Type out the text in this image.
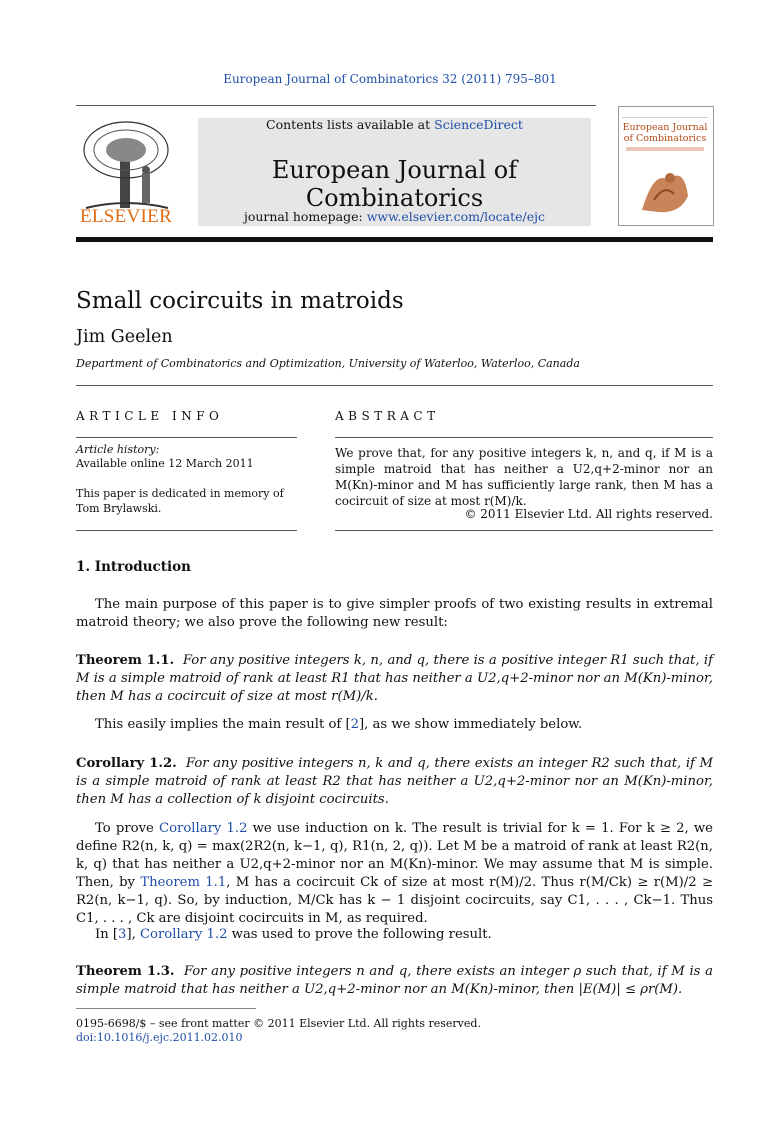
European Journal of Combinatorics 32 (2011) 795–801
ELSEVIER
Contents lists available at ScienceDirect
European Journal of Combinatorics
journal homepage: www.elsevier.com/locate/ejc
European Journal of Combinatorics
Small cocircuits in matroids
Jim Geelen
Department of Combinatorics and Optimization, University of Waterloo, Waterloo, Canada
ARTICLE INFO
Article history:
Available online 12 March 2011
This paper is dedicated in memory of Tom Brylawski.
ABSTRACT
We prove that, for any positive integers k, n, and q, if M is a simple matroid that has neither a U2,q+2-minor nor an M(Kn)-minor and M has sufficiently large rank, then M has a cocircuit of size at most r(M)/k.
© 2011 Elsevier Ltd. All rights reserved.
1. Introduction
The main purpose of this paper is to give simpler proofs of two existing results in extremal matroid theory; we also prove the following new result:
Theorem 1.1. For any positive integers k, n, and q, there is a positive integer R1 such that, if M is a simple matroid of rank at least R1 that has neither a U2,q+2-minor nor an M(Kn)-minor, then M has a cocircuit of size at most r(M)/k.
This easily implies the main result of [2], as we show immediately below.
Corollary 1.2. For any positive integers n, k and q, there exists an integer R2 such that, if M is a simple matroid of rank at least R2 that has neither a U2,q+2-minor nor an M(Kn)-minor, then M has a collection of k disjoint cocircuits.
To prove Corollary 1.2 we use induction on k. The result is trivial for k = 1. For k ≥ 2, we define R2(n, k, q) = max(2R2(n, k−1, q), R1(n, 2, q)). Let M be a matroid of rank at least R2(n, k, q) that has neither a U2,q+2-minor nor an M(Kn)-minor. We may assume that M is simple. Then, by Theorem 1.1, M has a cocircuit Ck of size at most r(M)/2. Thus r(M/Ck) ≥ r(M)/2 ≥ R2(n, k−1, q). So, by induction, M/Ck has k − 1 disjoint cocircuits, say C1, . . . , Ck−1. Thus C1, . . . , Ck are disjoint cocircuits in M, as required.
In [3], Corollary 1.2 was used to prove the following result.
Theorem 1.3. For any positive integers n and q, there exists an integer ρ such that, if M is a simple matroid that has neither a U2,q+2-minor nor an M(Kn)-minor, then |E(M)| ≤ ρr(M).
0195-6698/$ – see front matter © 2011 Elsevier Ltd. All rights reserved.
doi:10.1016/j.ejc.2011.02.010
